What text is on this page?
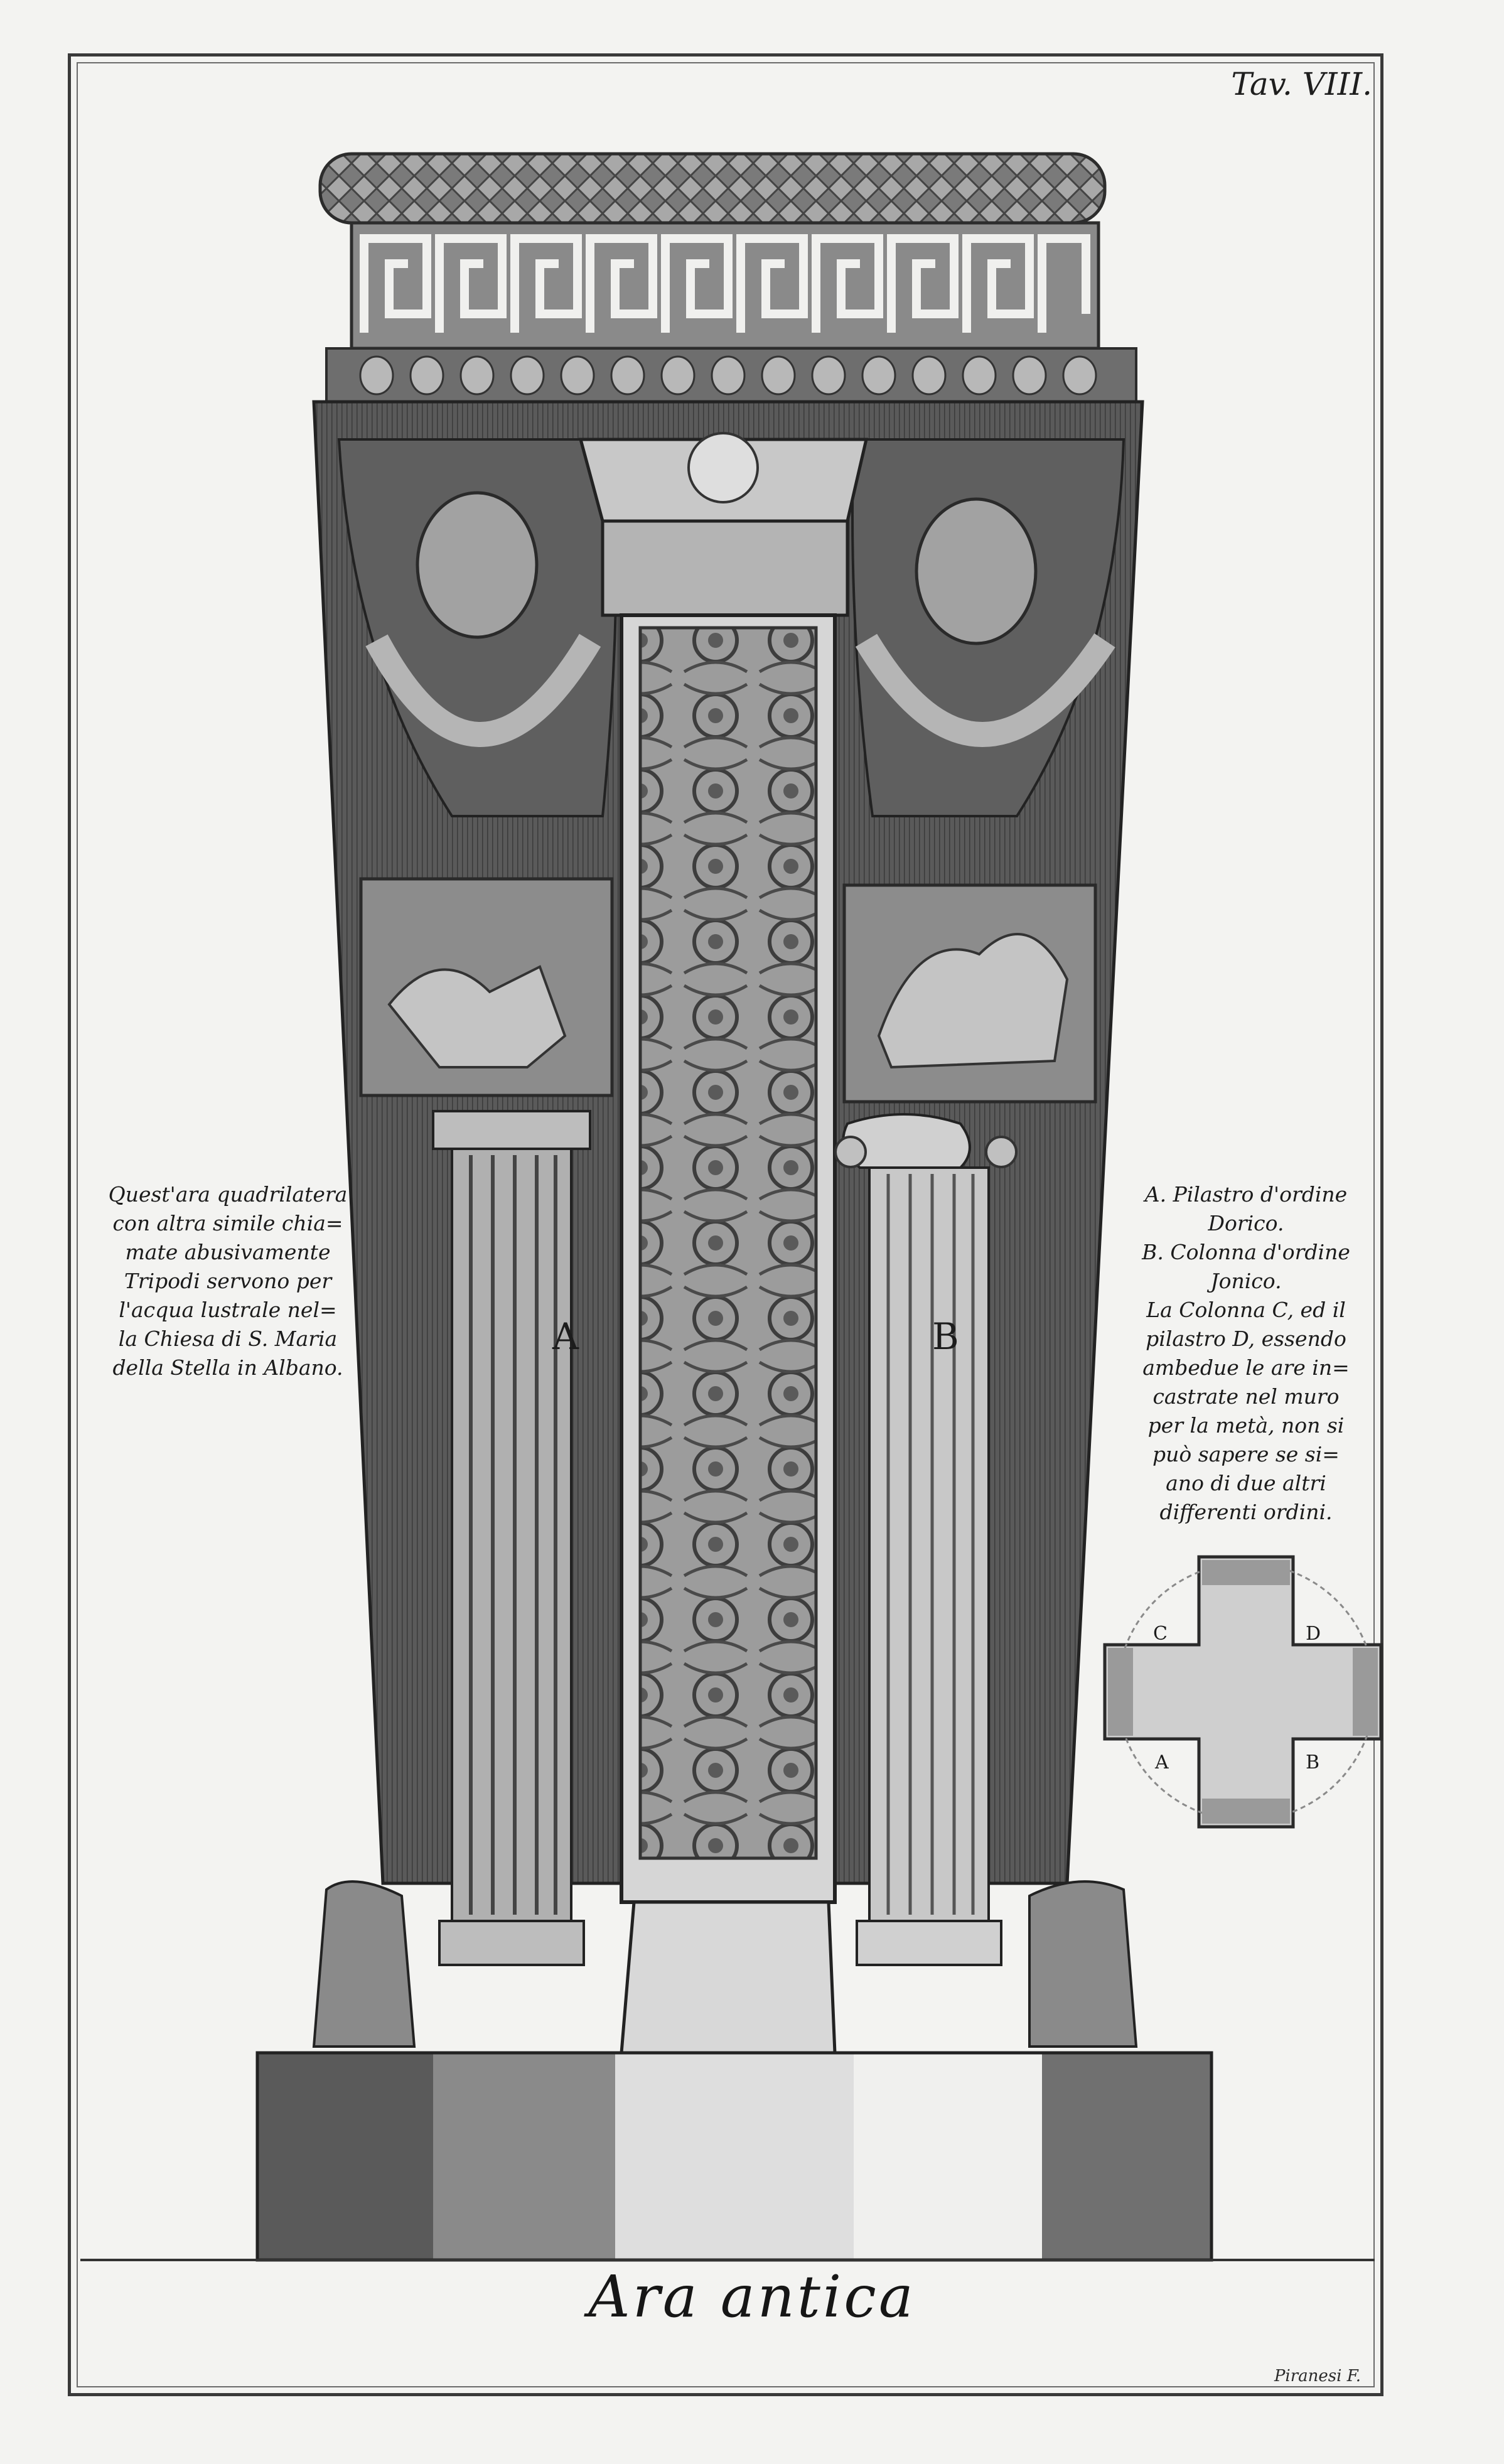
Tav. VIII.
A	B
C	D
A	B
Quest'ara quadrilatera
con altra simile chia=
mate abusivamente
Tripodi servono per
l'acqua lustrale nel=
la Chiesa di S. Maria
della Stella in Albano.
A. Pilastro d'ordine
Dorico.
B. Colonna d'ordine
Jonico.
La Colonna C, ed il
pilastro D, essendo
ambedue le are in=
castrate nel muro
per la metà, non si
può sapere se si=
ano di due altri
differenti ordini.
Ara antica
Piranesi F.
